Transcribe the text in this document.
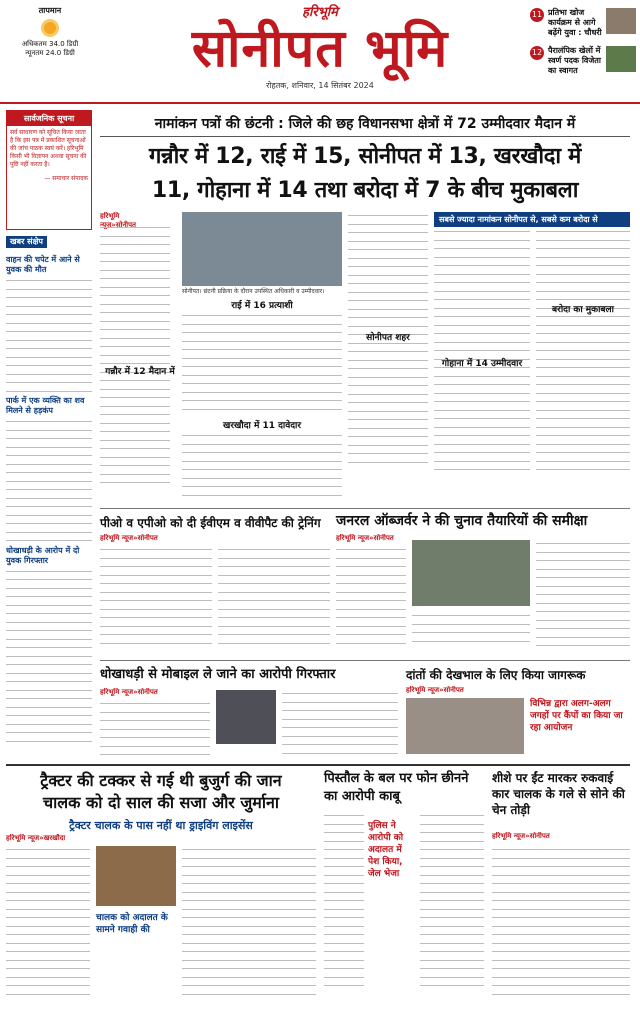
तापमान
अधिकतम 34.0 डिग्री
न्यूनतम 24.0 डिग्री
हरिभूमि
सोनीपत भूमि
रोहतक, शनिवार, 14 सितंबर 2024
11 प्रतिभा खोज कार्यक्रम से आगे बढ़ेंगे युवा : चौधरी
12 पैरालंपिक खेलों में स्वर्ण पदक विजेता का स्वागत
सार्वजनिक सूचना
सर्व साधारण को सूचित किया जाता है कि इस पत्र में प्रकाशित सूचनाओं की जांच पाठक स्वयं करें। हरिभूमि किसी भी विज्ञापन अथवा सूचना की पुष्टि नहीं करता है।
— समाचार संपादक
खबर संक्षेप
वाहन की चपेट में आने से युवक की मौत
पार्क में एक व्यक्ति का शव मिलने से हड़कंप
धोखाधड़ी के आरोप में दो युवक गिरफ्तार
नामांकन पत्रों की छंटनी : जिले की छह विधानसभा क्षेत्रों में 72 उम्मीदवार मैदान में
गन्नौर में 12, राई में 15, सोनीपत में 13, खरखौदा में
11, गोहाना में 14 तथा बरोदा में 7 के बीच मुकाबला
हरिभूमि न्यूज»सोनीपत
गन्नौर में 12 मैदान में
सोनीपत। छंटनी प्रक्रिया के दौरान उपस्थित अधिकारी व उम्मीदवार।
राई में 16 प्रत्याशी
खरखौदा में 11 दावेदार
सोनीपत शहर
सबसे ज्यादा नामांकन सोनीपत से, सबसे कम बरोदा से
गोहाना में 14 उम्मीदवार
बरोदा का मुकाबला
पीओ व एपीओ को दी ईवीएम व वीवीपैट की ट्रेनिंग
हरिभूमि न्यूज»सोनीपत
जनरल ऑब्जर्वर ने की चुनाव तैयारियों की समीक्षा
हरिभूमि न्यूज»सोनीपत
धोखाधड़ी से मोबाइल ले जाने का आरोपी गिरफ्तार
हरिभूमि न्यूज»सोनीपत
दांतों की देखभाल के लिए किया जागरूक
हरिभूमि न्यूज»सोनीपत
विभिन्न द्वारा अलग-अलग जगहों पर कैंपों का किया जा रहा आयोजन
ट्रैक्टर की टक्कर से गई थी बुजुर्ग की जान
चालक को दो साल की सजा और जुर्माना
ट्रैक्टर चालक के पास नहीं था ड्राइविंग लाइसेंस
हरिभूमि न्यूज»खरखौदा
चालक को अदालत के सामने गवाही की
पिस्तौल के बल पर फोन छीनने का आरोपी काबू
पुलिस ने आरोपी को अदालत में पेश किया, जेल भेजा
शीशे पर ईंट मारकर रुकवाई कार चालक के गले से सोने की चेन तोड़ी
हरिभूमि न्यूज»सोनीपत
